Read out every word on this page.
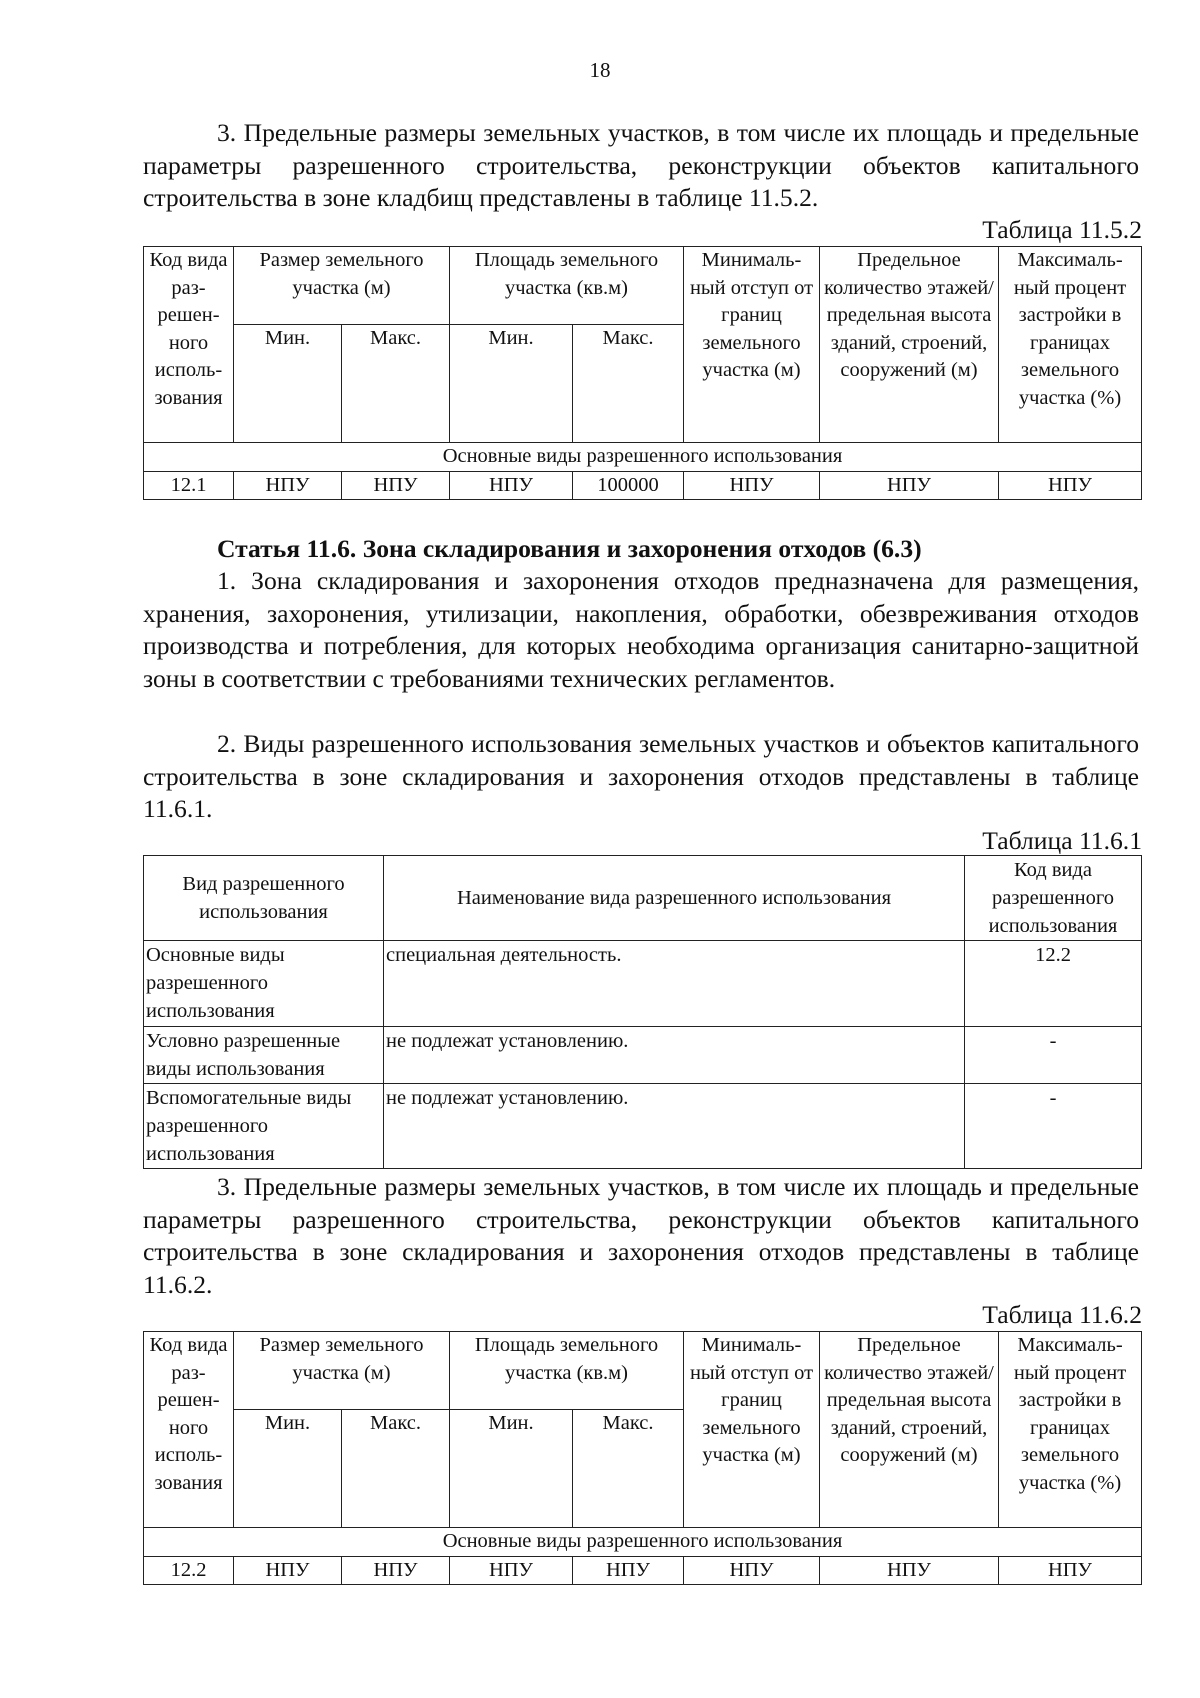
18

3. Предельные размеры земельных участков, в том числе их площадь и предельные параметры разрешенного строительства, реконструкции объектов капитального строительства в зоне кладбищ представлены в таблице 11.5.2.

Таблица 11.5.2
Код вида раз-решен-ного исполь-зования	Размер земельного участка (м)		Площадь земельного участка (кв.м)		Минималь-ный отступ от границ земельного участка (м)	Предельное количество этажей/ предельная высота зданий, строений, сооружений (м)	Максималь-ный процент застройки в границах земельного участка (%)
	Мин.	Макс.	Мин.	Макс.			
Основные виды разрешенного использования							
12.1	НПУ	НПУ	НПУ	100000	НПУ	НПУ	НПУ

Статья 11.6. Зона складирования и захоронения отходов (6.3)

1. Зона складирования и захоронения отходов предназначена для размещения, хранения, захоронения, утилизации, накопления, обработки, обезвреживания отходов производства и потребления, для которых необходима организация санитарно-защитной зоны в соответствии с требованиями технических регламентов.

2. Виды разрешенного использования земельных участков и объектов капитального строительства в зоне складирования и захоронения отходов представлены в таблице 11.6.1.

Таблица 11.6.1
Вид разрешенного использования	Наименование вида разрешенного использования	Код вида разрешенного использования
Основные виды разрешенного использования	специальная деятельность.	12.2
Условно разрешенные виды использования	не подлежат установлению.	-
Вспомогательные виды разрешенного использования	не подлежат установлению.	-

3. Предельные размеры земельных участков, в том числе их площадь и предельные параметры разрешенного строительства, реконструкции объектов капитального строительства в зоне складирования и захоронения отходов представлены в таблице 11.6.2.

Таблица 11.6.2
Код вида раз-решен-ного исполь-зования	Размер земельного участка (м)		Площадь земельного участка (кв.м)		Минималь-ный отступ от границ земельного участка (м)	Предельное количество этажей/ предельная высота зданий, строений, сооружений (м)	Максималь-ный процент застройки в границах земельного участка (%)
	Мин.	Макс.	Мин.	Макс.			
Основные виды разрешенного использования							
12.2	НПУ	НПУ	НПУ	НПУ	НПУ	НПУ	НПУ
